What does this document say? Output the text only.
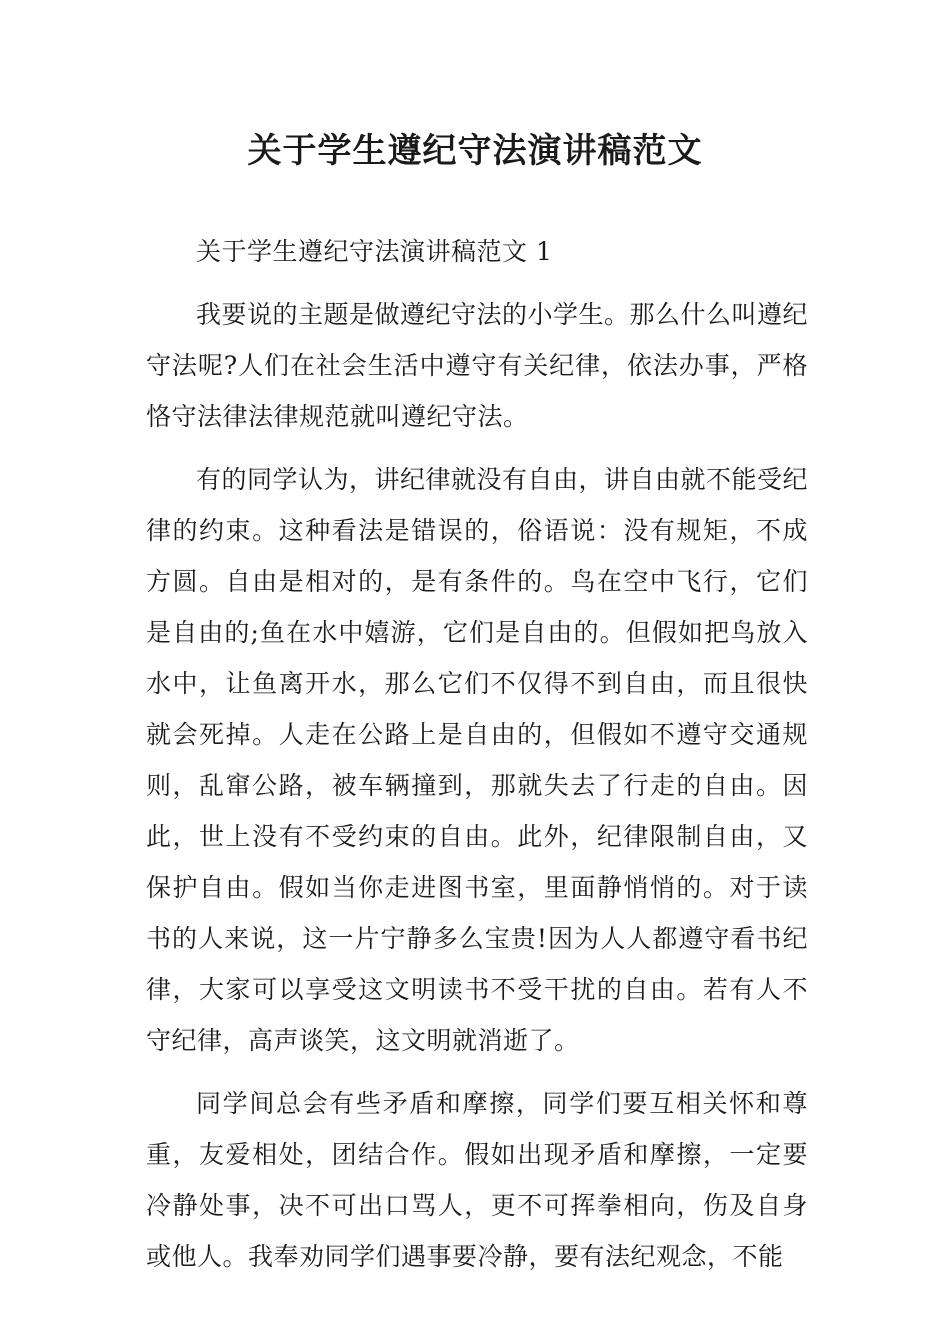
关于学生遵纪守法演讲稿范文

关于学生遵纪守法演讲稿范文 1

我要说的主题是做遵纪守法的小学生。那么什么叫遵纪守法呢?人们在社会生活中遵守有关纪律，依法办事，严格恪守法律法律规范就叫遵纪守法。

有的同学认为，讲纪律就没有自由，讲自由就不能受纪律的约束。这种看法是错误的，俗语说：没有规矩，不成方圆。自由是相对的，是有条件的。鸟在空中飞行，它们是自由的;鱼在水中嬉游，它们是自由的。但假如把鸟放入水中，让鱼离开水，那么它们不仅得不到自由，而且很快就会死掉。人走在公路上是自由的，但假如不遵守交通规则，乱窜公路，被车辆撞到，那就失去了行走的自由。因此，世上没有不受约束的自由。此外，纪律限制自由，又保护自由。假如当你走进图书室，里面静悄悄的。对于读书的人来说，这一片宁静多么宝贵!因为人人都遵守看书纪律，大家可以享受这文明读书不受干扰的自由。若有人不守纪律，高声谈笑，这文明就消逝了。

同学间总会有些矛盾和摩擦，同学们要互相关怀和尊重，友爱相处，团结合作。假如出现矛盾和摩擦，一定要冷静处事，决不可出口骂人，更不可挥拳相向，伤及自身或他人。我奉劝同学们遇事要冷静，要有法纪观念，不能
